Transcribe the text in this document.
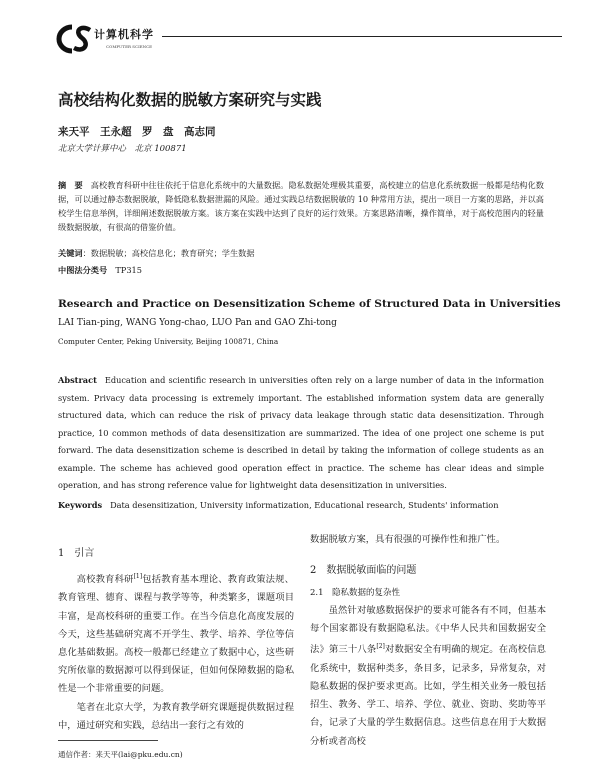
计算机科学
COMPUTER SCIENCE
高校结构化数据的脱敏方案研究与实践
来天平　王永超　罗　盘　高志同
北京大学计算中心　北京 100871
摘　要 高校教育科研中往往依托于信息化系统中的大量数据。隐私数据处理极其重要，高校建立的信息化系统数据一般都是结构化数据，可以通过静态数据脱敏，降低隐私数据泄漏的风险。通过实践总结数据脱敏的 10 种常用方法，提出一项目一方案的思路，并以高校学生信息举例，详细阐述数据脱敏方案。该方案在实践中达到了良好的运行效果。方案思路清晰，操作简单，对于高校范围内的轻量级数据脱敏，有很高的借鉴价值。
关键词：数据脱敏；高校信息化；教育研究；学生数据
中图法分类号　 TP315
Research and Practice on Desensitization Scheme of Structured Data in Universities
LAI Tian-ping, WANG Yong-chao, LUO Pan and GAO Zhi-tong
Computer Center, Peking University, Beijing 100871, China
Abstract Education and scientific research in universities often rely on a large number of data in the information system. Privacy data processing is extremely important. The established information system data are generally structured data, which can reduce the risk of privacy data leakage through static data desensitization. Through practice, 10 common methods of data desensitization are summarized. The idea of one project one scheme is put forward. The data desensitization scheme is described in detail by taking the information of college students as an example. The scheme has achieved good operation effect in practice. The scheme has clear ideas and simple operation, and has strong reference value for lightweight data desensitization in universities.
Keywords Data desensitization, University informatization, Educational research, Students' information
1　引言

高校教育科研[1]包括教育基本理论、教育政策法规、教育管理、德育、课程与教学等等，种类繁多，课题项目丰富，是高校科研的重要工作。在当今信息化高度发展的今天，这些基础研究离不开学生、教学、培养、学位等信息化基础数据。高校一般都已经建立了数据中心，这些研究所依靠的数据源可以得到保证，但如何保障数据的隐私性是一个非常重要的问题。

笔者在北京大学，为教育教学研究课题提供数据过程中，通过研究和实践，总结出一套行之有效的

数据脱敏方案，具有很强的可操作性和推广性。

2　数据脱敏面临的问题
2.1　隐私数据的复杂性

虽然针对敏感数据保护的要求可能各有不同，但基本每个国家都设有数据隐私法。《中华人民共和国数据安全法》第三十八条[2]对数据安全有明确的规定。在高校信息化系统中，数据种类多，条目多，记录多，异常复杂，对隐私数据的保护要求更高。比如，学生相关业务一般包括招生、教务、学工、培养、学位、就业、资助、奖助等平台，记录了大量的学生数据信息。这些信息在用于大数据分析或者高校

通信作者：来天平(lai@pku.edu.cn)
